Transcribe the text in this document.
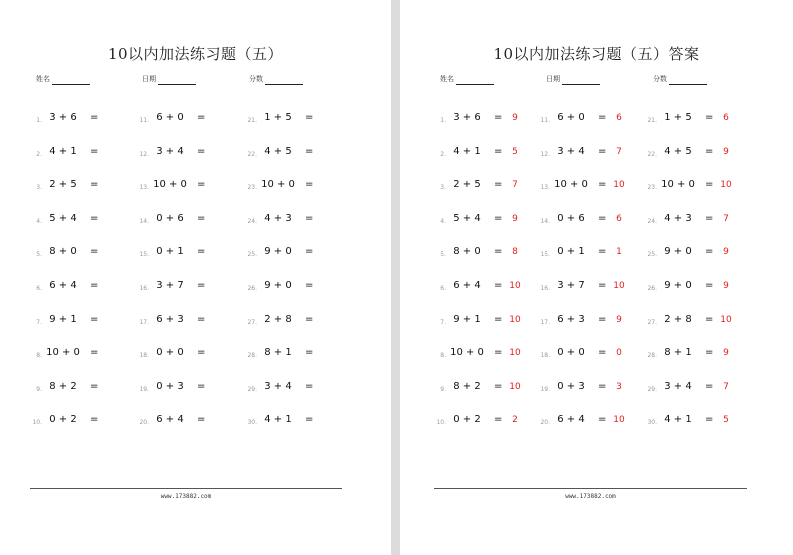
10以内加法练习题（五）
姓名	日期	分数
1. 3 + 6	=
2. 4 + 1	=
3. 2 + 5	=
4. 5 + 4	=
5. 8 + 0	=
6. 6 + 4	=
7. 9 + 1	=
8. 10 + 0	=
9. 8 + 2	=
10. 0 + 2	=
11. 6 + 0	=
12. 3 + 4	=
13. 10 + 0	=
14. 0 + 6	=
15. 0 + 1	=
16. 3 + 7	=
17. 6 + 3	=
18. 0 + 0	=
19. 0 + 3	=
20. 6 + 4	=
21. 1 + 5	=
22. 4 + 5	=
23. 10 + 0	=
24. 4 + 3	=
25. 9 + 0	=
26. 9 + 0	=
27. 2 + 8	=
28. 8 + 1	=
29. 3 + 4	=
30. 4 + 1	=
www.173882.com
10以内加法练习题（五）答案
姓名	日期	分数
1. 3 + 6	=	9
2. 4 + 1	=	5
3. 2 + 5	=	7
4. 5 + 4	=	9
5. 8 + 0	=	8
6. 6 + 4	= 10
7. 9 + 1	= 10
8. 10 + 0	= 10
9. 8 + 2	= 10
10. 0 + 2	=	2
11. 6 + 0	=	6
12. 3 + 4	=	7
13. 10 + 0	= 10
14. 0 + 6	=	6
15. 0 + 1	=	1
16. 3 + 7	= 10
17. 6 + 3	=	9
18. 0 + 0	=	0
19. 0 + 3	=	3
20. 6 + 4	= 10
21. 1 + 5	=	6
22. 4 + 5	=	9
23. 10 + 0	= 10
24. 4 + 3	=	7
25. 9 + 0	=	9
26. 9 + 0	=	9
27. 2 + 8	= 10
28. 8 + 1	=	9
29. 3 + 4	=	7
30. 4 + 1	=	5
www.173882.com
